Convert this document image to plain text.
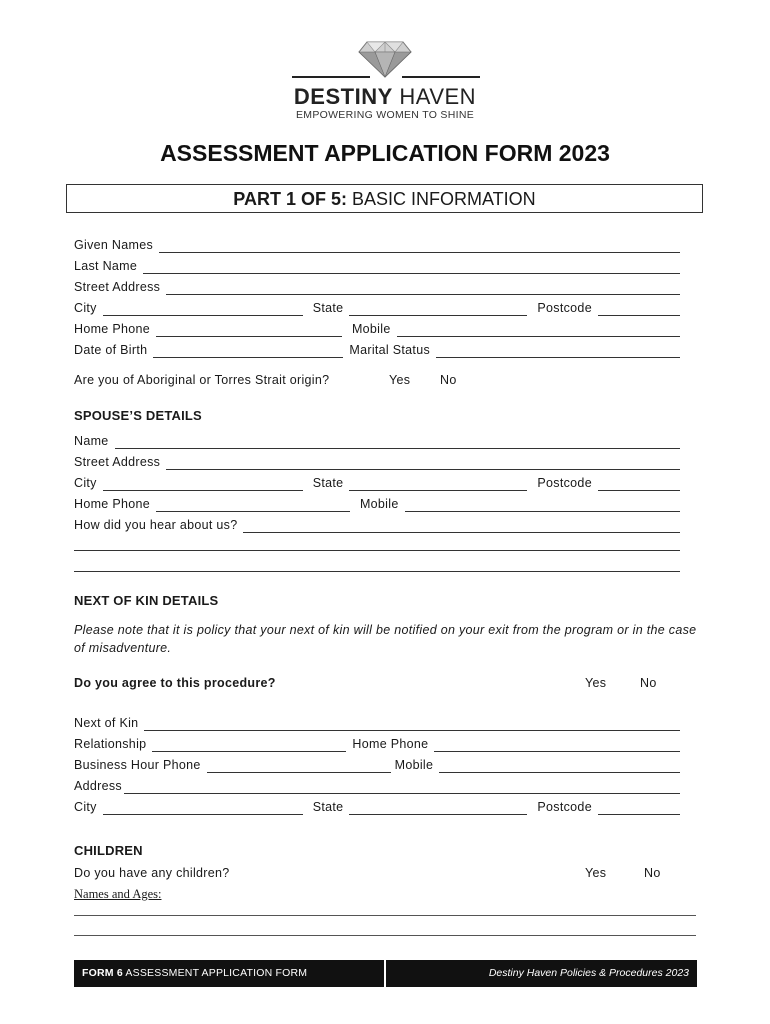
DESTINY HAVEN
EMPOWERING WOMEN TO SHINE
ASSESSMENT APPLICATION FORM 2023
PART 1 OF 5: BASIC INFORMATION
Given Names
Last Name
Street Address
City	State	Postcode
Home Phone	Mobile
Date of Birth	Marital Status
Are you of Aboriginal or Torres Strait origin?	Yes No
SPOUSE’S DETAILS
Name
Street Address
City	State	Postcode
Home Phone	Mobile
How did you hear about us?
NEXT OF KIN DETAILS
Please note that it is policy that your next of kin will be notified on your exit from the program or in the case of misadventure.
Do you agree to this procedure?	Yes	No
Next of Kin
Relationship	Home Phone
Business Hour Phone	Mobile
Address
City	State	Postcode
CHILDREN
Do you have any children?	Yes	No
Names and Ages:
FORM 6 ASSESSMENT APPLICATION FORM	Destiny Haven Policies & Procedures 2023
